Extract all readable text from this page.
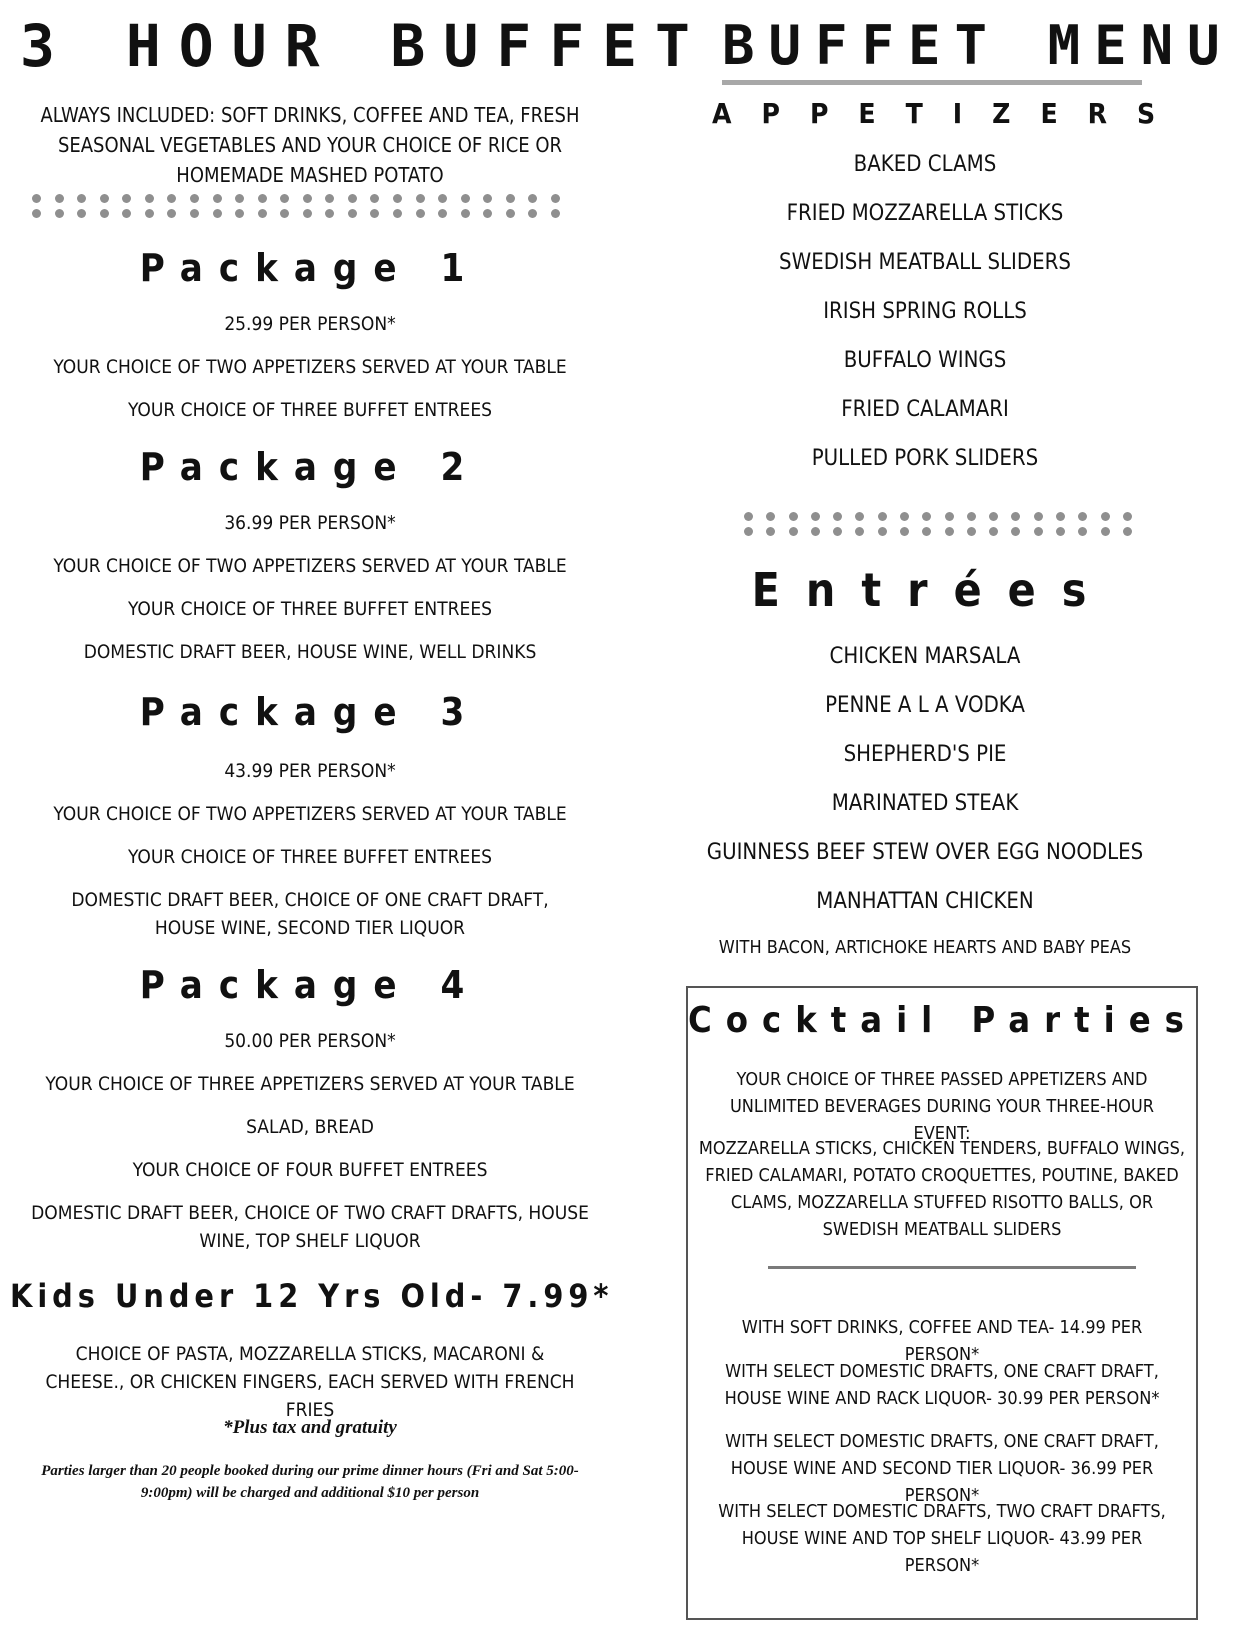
3 HOUR BUFFET
ALWAYS INCLUDED: SOFT DRINKS, COFFEE AND TEA, FRESH SEASONAL VEGETABLES AND YOUR CHOICE OF RICE OR HOMEMADE MASHED POTATO
Package 1
25.99 PER PERSON*
YOUR CHOICE OF TWO APPETIZERS SERVED AT YOUR TABLE
YOUR CHOICE OF THREE BUFFET ENTREES
Package 2
36.99 PER PERSON*
YOUR CHOICE OF TWO APPETIZERS SERVED AT YOUR TABLE
YOUR CHOICE OF THREE BUFFET ENTREES
DOMESTIC DRAFT BEER, HOUSE WINE, WELL DRINKS
Package 3
43.99 PER PERSON*
YOUR CHOICE OF TWO APPETIZERS SERVED AT YOUR TABLE
YOUR CHOICE OF THREE BUFFET ENTREES
DOMESTIC DRAFT BEER, CHOICE OF ONE CRAFT DRAFT, HOUSE WINE, SECOND TIER LIQUOR
Package 4
50.00 PER PERSON*
YOUR CHOICE OF THREE APPETIZERS SERVED AT YOUR TABLE
SALAD, BREAD
YOUR CHOICE OF FOUR BUFFET ENTREES
DOMESTIC DRAFT BEER, CHOICE OF TWO CRAFT DRAFTS, HOUSE WINE, TOP SHELF LIQUOR
Kids Under 12 Yrs Old- 7.99*
CHOICE OF PASTA, MOZZARELLA STICKS, MACARONI & CHEESE., OR CHICKEN FINGERS, EACH SERVED WITH FRENCH FRIES
*Plus tax and gratuity
Parties larger than 20 people booked during our prime dinner hours (Fri and Sat 5:00-9:00pm) will be charged and additional $10 per person
BUFFET MENU
APPETIZERS
BAKED CLAMS
FRIED MOZZARELLA STICKS
SWEDISH MEATBALL SLIDERS
IRISH SPRING ROLLS
BUFFALO WINGS
FRIED CALAMARI
PULLED PORK SLIDERS
Entrées
CHICKEN MARSALA
PENNE A L A VODKA
SHEPHERD'S PIE
MARINATED STEAK
GUINNESS BEEF STEW OVER EGG NOODLES
MANHATTAN CHICKEN
WITH BACON, ARTICHOKE HEARTS AND BABY PEAS
Cocktail Parties
YOUR CHOICE OF THREE PASSED APPETIZERS AND UNLIMITED BEVERAGES DURING YOUR THREE-HOUR EVENT:
MOZZARELLA STICKS, CHICKEN TENDERS, BUFFALO WINGS, FRIED CALAMARI, POTATO CROQUETTES, POUTINE, BAKED CLAMS, MOZZARELLA STUFFED RISOTTO BALLS, OR SWEDISH MEATBALL SLIDERS
WITH SOFT DRINKS, COFFEE AND TEA- 14.99 PER PERSON*
WITH SELECT DOMESTIC DRAFTS, ONE CRAFT DRAFT, HOUSE WINE AND RACK LIQUOR- 30.99 PER PERSON*
WITH SELECT DOMESTIC DRAFTS, ONE CRAFT DRAFT, HOUSE WINE AND SECOND TIER LIQUOR- 36.99 PER PERSON*
WITH SELECT DOMESTIC DRAFTS, TWO CRAFT DRAFTS, HOUSE WINE AND TOP SHELF LIQUOR- 43.99 PER PERSON*
